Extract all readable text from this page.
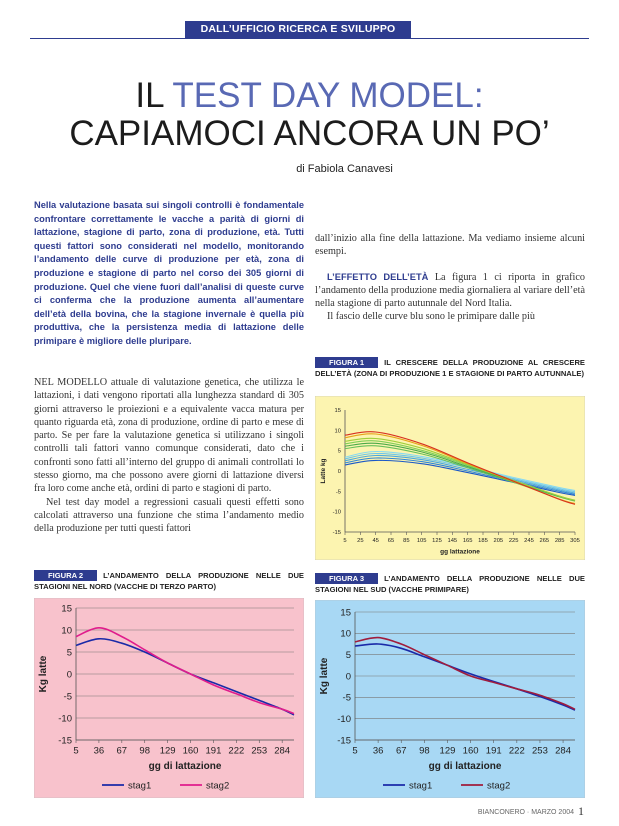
DALL’UFFICIO RICERCA E SVILUPPO
IL TEST DAY MODEL:
CAPIAMOCI ANCORA UN PO’
di Fabiola Canavesi
Nella valutazione basata sui singoli controlli è fondamentale confrontare correttamente le vacche a parità di giorni di lattazione, stagione di parto, zona di produzione, età. Tutti questi fattori sono considerati nel modello, monitorando l’andamento delle curve di produzione per età, zona di produzione e stagione di parto nel corso dei 305 giorni di produzione. Quel che viene fuori dall’analisi di queste curve ci conferma che la produzione aumenta all’aumentare dell’età della bovina, che la stagione invernale è quella più produttiva, che la persistenza media di lattazione delle primipare è migliore delle pluripare.

NEL MODELLO attuale di valutazione genetica, che utilizza le lattazioni, i dati vengono riportati alla lunghezza standard di 305 giorni attraverso le proiezioni e a equivalente vacca matura per quanto riguarda età, zona di produzione, ordine di parto e mese di parto. Se per fare la valutazione genetica si utilizzano i singoli controlli tali fattori vanno comunque considerati, dato che i confronti sono fatti all’interno del gruppo di animali controllati lo stesso giorno, ma che possono avere giorni di lattazione diversi fra loro come anche età, ordini di parto e stagioni di parto.

Nel test day model a regressioni casuali questi effetti sono calcolati attraverso una funzione che stima l’andamento medio della produzione per tutti questi fattori

dall’inizio alla fine della lattazione. Ma vediamo insieme alcuni esempi.

L’EFFETTO DELL’ETÀ La figura 1 ci riporta in grafico l’andamento della produzione media giornaliera al variare dell’età nella stagione di parto autunnale del Nord Italia.

Il fascio delle curve blu sono le primipare dalle più

FIGURA 1	IL CRESCERE DELLA PRODUZIONE AL CRESCERE DELL’ETÀ (ZONA DI PRODUZIONE 1 E STAGIONE DI PARTO AUTUNNALE)
FIGURA 2	L’ANDAMENTO DELLA PRODUZIONE NELLE DUE STAGIONI NEL NORD (VACCHE DI TERZO PARTO)
FIGURA 3	L’ANDAMENTO DELLA PRODUZIONE NELLE DUE STAGIONI NEL SUD (VACCHE PRIMIPARE)
-15
-10
-5
0
5
10
15
5 25 45 65 85 105 125 145 165 185 205 225 245 265 285 305
gg lattazione
Latte kg
-15
-10
-5
0
5
10
15
5 36 67 98 129 160 191 222 253 284
gg di lattazione
Kg latte
stag1	stag2
-15
-10
-5
0
5
10
15
5 36 67 98 129 160 191 222 253 284
gg di lattazione
Kg latte
stag1	stag2
BIANCONERO · MARZO 2004 1
